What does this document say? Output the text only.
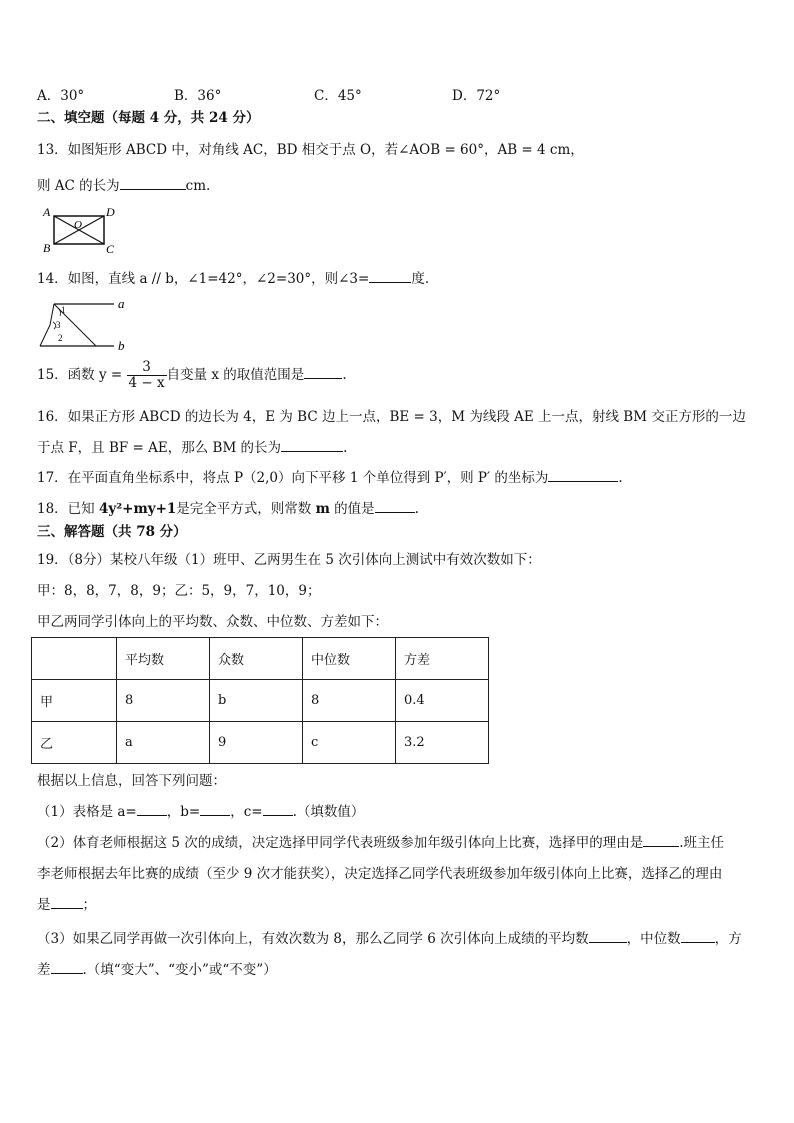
A．30°	B．36°	C．45°	D．72°
二、填空题（每题 4 分，共 24 分）
13．如图矩形 ABCD 中，对角线 AC，BD 相交于点 O，若∠AOB = 60°，AB = 4 cm，
则 AC 的长为	cm.
A	D
B	C
O
14．如图，直线 a // b，∠1=42°，∠2=30°，则∠3=	度.
a
b
1
3
2
15．函数 $y = \frac{3}{4 - x}$ 自变量 x 的取值范围是	.
16．如果正方形 ABCD 的边长为 4，E 为 BC 边上一点，BE = 3，M 为线段 AE 上一点，射线 BM 交正方形的一边
于点 F，且 BF = AE，那么 BM 的长为	.
17．在平面直角坐标系中，将点 P（2,0）向下平移 1 个单位得到 P′，则 P′ 的坐标为	.
18．已知 4y²+my+1是完全平方式，则常数 m 的值是	.
三、解答题（共 78 分）
19．（8分）某校八年级（1）班甲、乙两男生在 5 次引体向上测试中有效次数如下：
甲：8，8，7，8，9；乙：5，9，7，10，9；
甲乙两同学引体向上的平均数、众数、中位数、方差如下：
	平均数	众数	中位数	方差
甲	8	b	8	0.4
乙	a	9	c	3.2
根据以上信息，回答下列问题：
（1）表格是 a= ，b= ，c= .（填数值）
（2）体育老师根据这 5 次的成绩，决定选择甲同学代表班级参加年级引体向上比赛，选择甲的理由是	.班主任
李老师根据去年比赛的成绩（至少 9 次才能获奖），决定选择乙同学代表班级参加年级引体向上比赛，选择乙的理由
是 ；
（3）如果乙同学再做一次引体向上，有效次数为 8，那么乙同学 6 次引体向上成绩的平均数	，中位数	，方
差 .（填“变大”、“变小”或“不变”）
